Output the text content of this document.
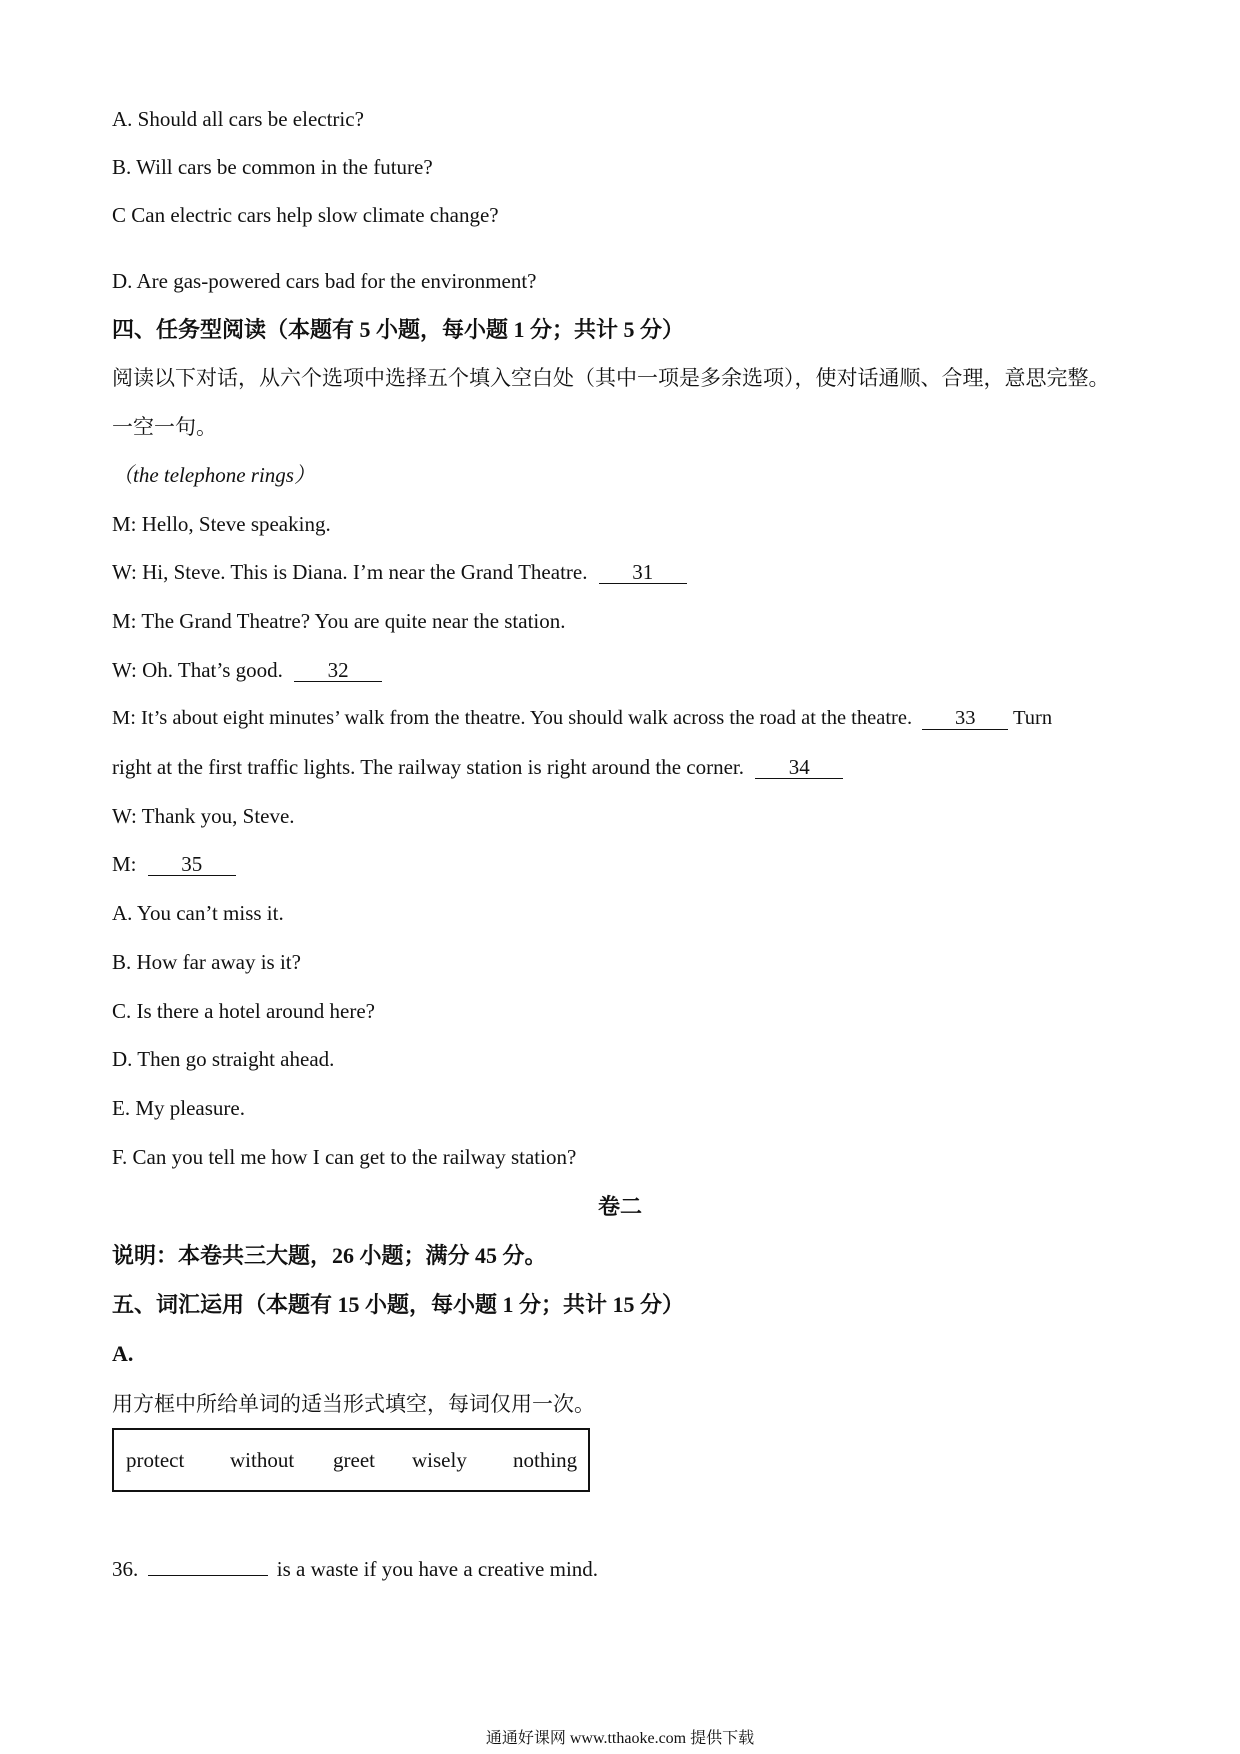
A. Should all cars be electric?
B. Will cars be common in the future?
C Can electric cars help slow climate change?
D. Are gas-powered cars bad for the environment?
四、任务型阅读（本题有 5 小题，每小题 1 分；共计 5 分）
阅读以下对话，从六个选项中选择五个填入空白处（其中一项是多余选项），使对话通顺、合理，意思完整。
一空一句。
（the telephone rings）
M: Hello, Steve speaking.
W: Hi, Steve. This is Diana. I’m near the Grand Theatre. 31
M: The Grand Theatre? You are quite near the station.
W: Oh. That’s good. 32
M: It’s about eight minutes’ walk from the theatre. You should walk across the road at the theatre. 33 Turn
right at the first traffic lights. The railway station is right around the corner. 34
W: Thank you, Steve.
M: 35
A. You can’t miss it.
B. How far away is it?
C. Is there a hotel around here?
D. Then go straight ahead.
E. My pleasure.
F. Can you tell me how I can get to the railway station?
卷二
说明：本卷共三大题，26 小题；满分 45 分。
五、词汇运用（本题有 15 小题，每小题 1 分；共计 15 分）
A.
用方框中所给单词的适当形式填空，每词仅用一次。
protect without greet wisely nothing
36.	is a waste if you have a creative mind.
通通好课网 www.tthaoke.com 提供下载
